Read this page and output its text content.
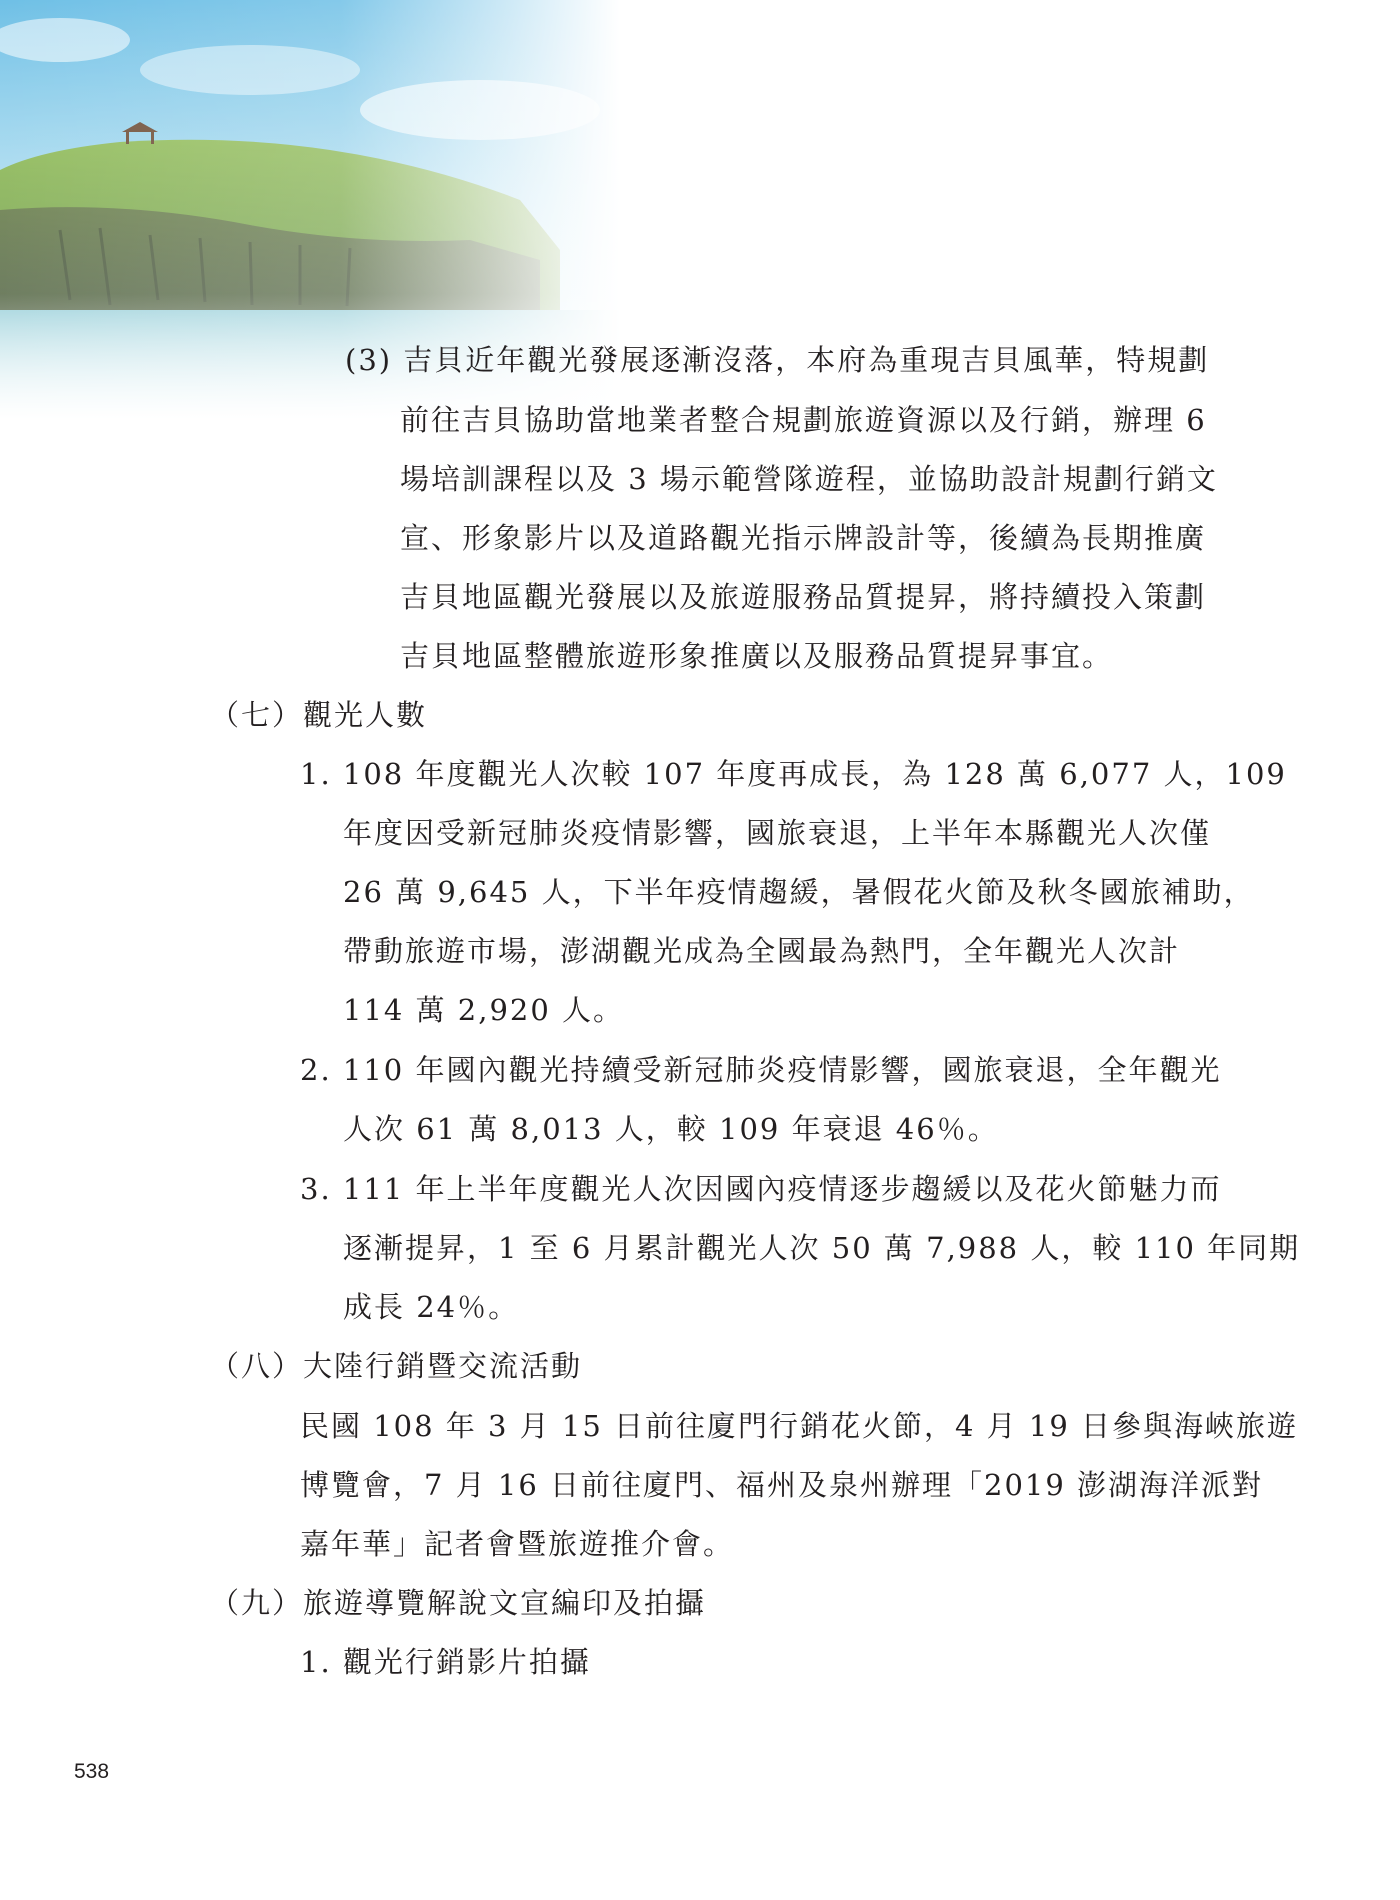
(3) 吉貝近年觀光發展逐漸沒落，本府為重現吉貝風華，特規劃
前往吉貝協助當地業者整合規劃旅遊資源以及行銷，辦理 6
場培訓課程以及 3 場示範營隊遊程，並協助設計規劃行銷文
宣、形象影片以及道路觀光指示牌設計等，後續為長期推廣
吉貝地區觀光發展以及旅遊服務品質提昇，將持續投入策劃
吉貝地區整體旅遊形象推廣以及服務品質提昇事宜。
（七）觀光人數
1. 108 年度觀光人次較 107 年度再成長，為 128 萬 6,077 人，109
年度因受新冠肺炎疫情影響，國旅衰退，上半年本縣觀光人次僅
26 萬 9,645 人，下半年疫情趨緩，暑假花火節及秋冬國旅補助，
帶動旅遊市場，澎湖觀光成為全國最為熱門，全年觀光人次計
114 萬 2,920 人。
2. 110 年國內觀光持續受新冠肺炎疫情影響，國旅衰退，全年觀光
人次 61 萬 8,013 人，較 109 年衰退 46％。
3. 111 年上半年度觀光人次因國內疫情逐步趨緩以及花火節魅力而
逐漸提昇，1 至 6 月累計觀光人次 50 萬 7,988 人，較 110 年同期
成長 24％。
（八）大陸行銷暨交流活動
民國 108 年 3 月 15 日前往廈門行銷花火節，4 月 19 日參與海峽旅遊
博覽會，7 月 16 日前往廈門、福州及泉州辦理「2019 澎湖海洋派對
嘉年華」記者會暨旅遊推介會。
（九）旅遊導覽解說文宣編印及拍攝
1. 觀光行銷影片拍攝
538
